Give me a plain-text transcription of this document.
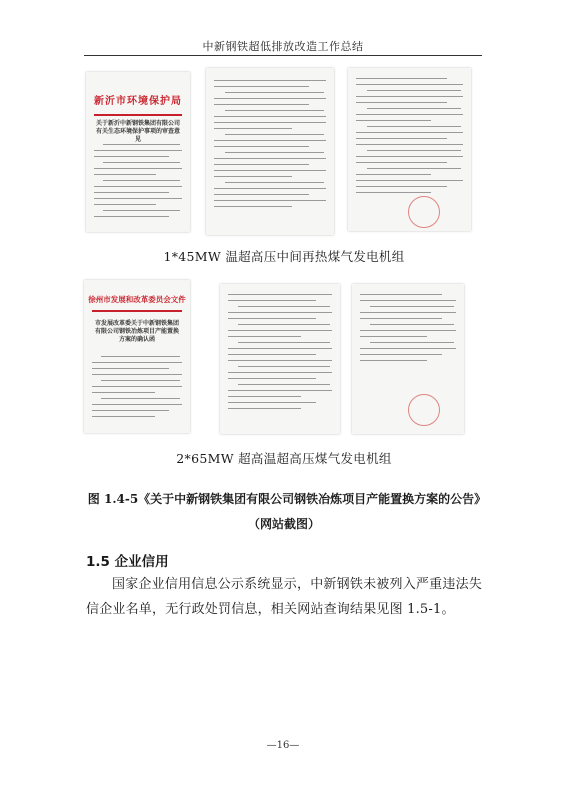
中新钢铁超低排放改造工作总结
新沂市环境保护局
关于新沂中新钢铁集团有限公司有关生态环境保护事项的审查意见
1*45MW 温超高压中间再热煤气发电机组
徐州市发展和改革委员会文件
市发展改革委关于中新钢铁集团有限公司钢铁冶炼项目产能置换方案的确认函
2*65MW 超高温超高压煤气发电机组
图 1.4-5《关于中新钢铁集团有限公司钢铁冶炼项目产能置换方案的公告》（网站截图）
1.5 企业信用
国家企业信用信息公示系统显示，中新钢铁未被列入严重违法失信企业名单，无行政处罚信息，相关网站查询结果见图 1.5-1。
—16—
